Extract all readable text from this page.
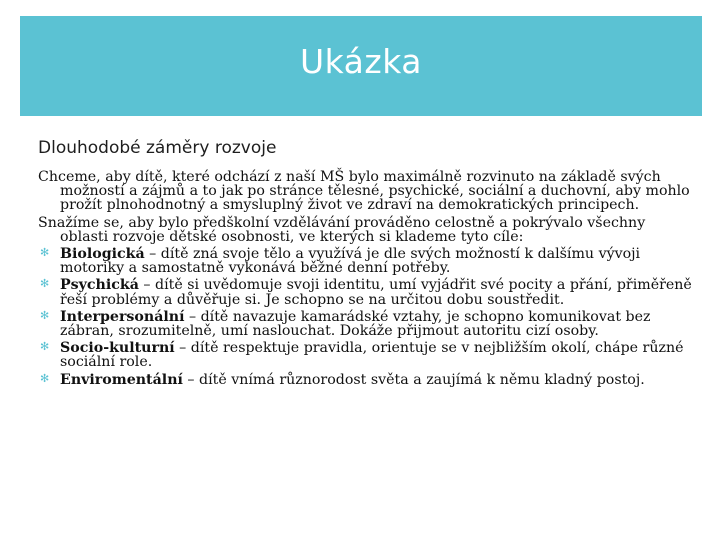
Ukázka
Dlouhodobé záměry rozvoje

Chceme, aby dítě, které odchází z naší MŠ bylo maximálně rozvinuto na základě svých možností a zájmů a to jak po stránce tělesné, psychické, sociální a duchovní, aby mohlo prožít plnohodnotný a smysluplný život ve zdraví na demokratických principech.

Snažíme se, aby bylo předškolní vzdělávání prováděno celostně a pokrývalo všechny oblasti rozvoje dětské osobnosti, ve kterých si klademe tyto cíle:

✻ Biologická – dítě zná svoje tělo a využívá je dle svých možností k dalšímu vývoji motoriky a samostatně vykonává běžné denní potřeby.
✻ Psychická – dítě si uvědomuje svoji identitu, umí vyjádřit své pocity a přání, přiměřeně řeší problémy a důvěřuje si. Je schopno se na určitou dobu soustředit.
✻ Interpersonální – dítě navazuje kamarádské vztahy, je schopno komunikovat bez zábran, srozumitelně, umí naslouchat. Dokáže přijmout autoritu cizí osoby.
✻ Socio-kulturní – dítě respektuje pravidla, orientuje se v nejbližším okolí, chápe různé sociální role.
✻ Enviromentální – dítě vnímá různorodost světa a zaujímá k němu kladný postoj.
